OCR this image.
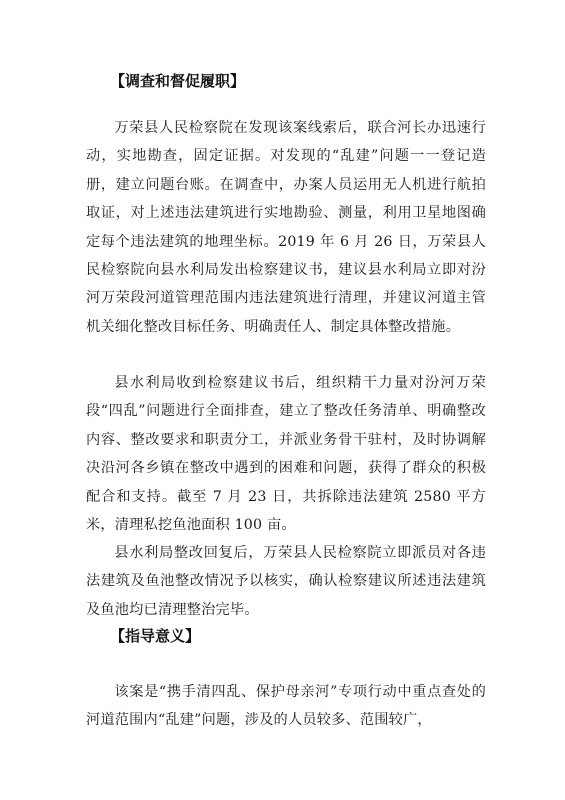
【调查和督促履职】

万荣县人民检察院在发现该案线索后，联合河长办迅速行动，实地勘查，固定证据。对发现的“乱建”问题一一登记造册，建立问题台账。在调查中，办案人员运用无人机进行航拍取证，对上述违法建筑进行实地勘验、测量，利用卫星地图确定每个违法建筑的地理坐标。2019 年 6 月 26 日，万荣县人民检察院向县水利局发出检察建议书，建议县水利局立即对汾河万荣段河道管理范围内违法建筑进行清理，并建议河道主管机关细化整改目标任务、明确责任人、制定具体整改措施。

县水利局收到检察建议书后，组织精干力量对汾河万荣段“四乱”问题进行全面排查，建立了整改任务清单、明确整改内容、整改要求和职责分工，并派业务骨干驻村，及时协调解决沿河各乡镇在整改中遇到的困难和问题，获得了群众的积极配合和支持。截至 7 月 23 日，共拆除违法建筑 2580 平方米，清理私挖鱼池面积 100 亩。

县水利局整改回复后，万荣县人民检察院立即派员对各违法建筑及鱼池整改情况予以核实，确认检察建议所述违法建筑及鱼池均已清理整治完毕。

【指导意义】

该案是“携手清四乱、保护母亲河”专项行动中重点查处的河道范围内“乱建”问题，涉及的人员较多、范围较广，
